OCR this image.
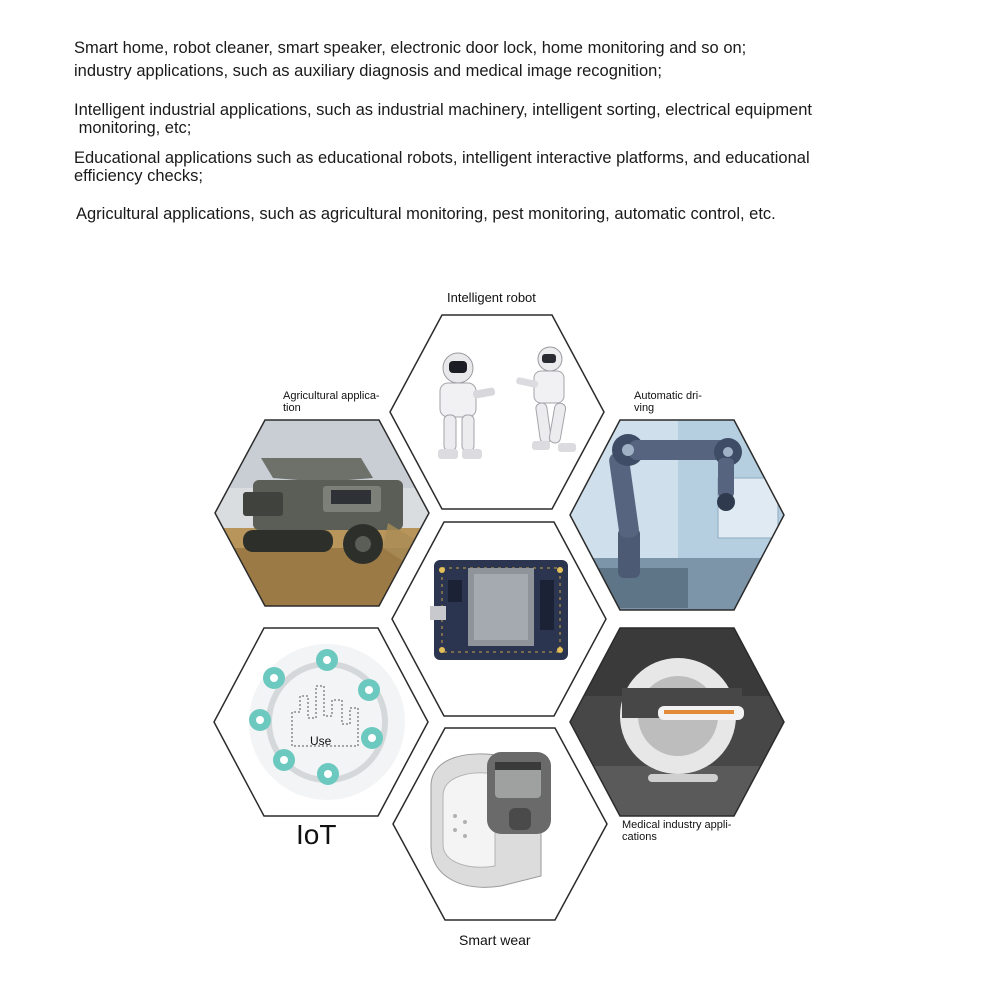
Smart home, robot cleaner, smart speaker, electronic door lock, home monitoring and so on;
industry applications, such as auxiliary diagnosis and medical image recognition;
Intelligent industrial applications, such as industrial machinery, intelligent sorting, electrical equipment
monitoring, etc;
Educational applications such as educational robots, intelligent interactive platforms, and educational
efficiency checks;
Agricultural applications, such as agricultural monitoring, pest monitoring, automatic control, etc.
Intelligent robot
Agricultural applica-
tion
Automatic dri-
ving
IoT	Medical industry appli-
cations
Smart wear
Use
